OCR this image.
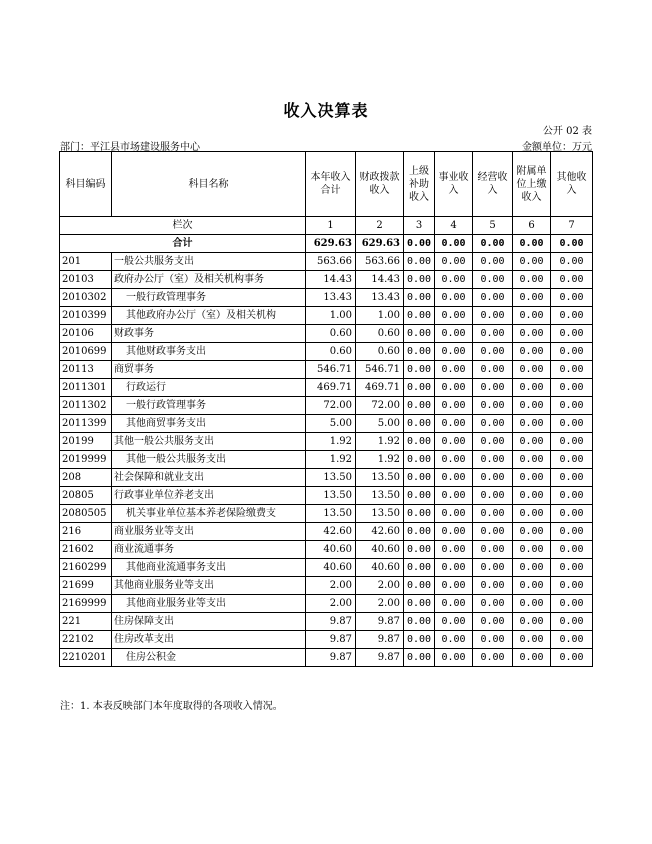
收入决算表
公开 02 表
部门：平江县市场建设服务中心	金额单位：万元
科目编码	科目名称	本年收入合计	财政拨款收入	上级补助收入	事业收入	经营收入	附属单位上缴收入	其他收入
栏次		1	2	3	4	5	6	7
合计		629.63	629.63	0.00	0.00	0.00	0.00	0.00
201	一般公共服务支出	563.66	563.66	0.00	0.00	0.00	0.00	0.00
20103	政府办公厅（室）及相关机构事务	14.43	14.43	0.00	0.00	0.00	0.00	0.00
2010302	一般行政管理事务	13.43	13.43	0.00	0.00	0.00	0.00	0.00
2010399	其他政府办公厅（室）及相关机构	1.00	1.00	0.00	0.00	0.00	0.00	0.00
20106	财政事务	0.60	0.60	0.00	0.00	0.00	0.00	0.00
2010699	其他财政事务支出	0.60	0.60	0.00	0.00	0.00	0.00	0.00
20113	商贸事务	546.71	546.71	0.00	0.00	0.00	0.00	0.00
2011301	行政运行	469.71	469.71	0.00	0.00	0.00	0.00	0.00
2011302	一般行政管理事务	72.00	72.00	0.00	0.00	0.00	0.00	0.00
2011399	其他商贸事务支出	5.00	5.00	0.00	0.00	0.00	0.00	0.00
20199	其他一般公共服务支出	1.92	1.92	0.00	0.00	0.00	0.00	0.00
2019999	其他一般公共服务支出	1.92	1.92	0.00	0.00	0.00	0.00	0.00
208	社会保障和就业支出	13.50	13.50	0.00	0.00	0.00	0.00	0.00
20805	行政事业单位养老支出	13.50	13.50	0.00	0.00	0.00	0.00	0.00
2080505	机关事业单位基本养老保险缴费支	13.50	13.50	0.00	0.00	0.00	0.00	0.00
216	商业服务业等支出	42.60	42.60	0.00	0.00	0.00	0.00	0.00
21602	商业流通事务	40.60	40.60	0.00	0.00	0.00	0.00	0.00
2160299	其他商业流通事务支出	40.60	40.60	0.00	0.00	0.00	0.00	0.00
21699	其他商业服务业等支出	2.00	2.00	0.00	0.00	0.00	0.00	0.00
2169999	其他商业服务业等支出	2.00	2.00	0.00	0.00	0.00	0.00	0.00
221	住房保障支出	9.87	9.87	0.00	0.00	0.00	0.00	0.00
22102	住房改革支出	9.87	9.87	0.00	0.00	0.00	0.00	0.00
2210201	住房公积金	9.87	9.87	0.00	0.00	0.00	0.00	0.00
注：1. 本表反映部门本年度取得的各项收入情况。
